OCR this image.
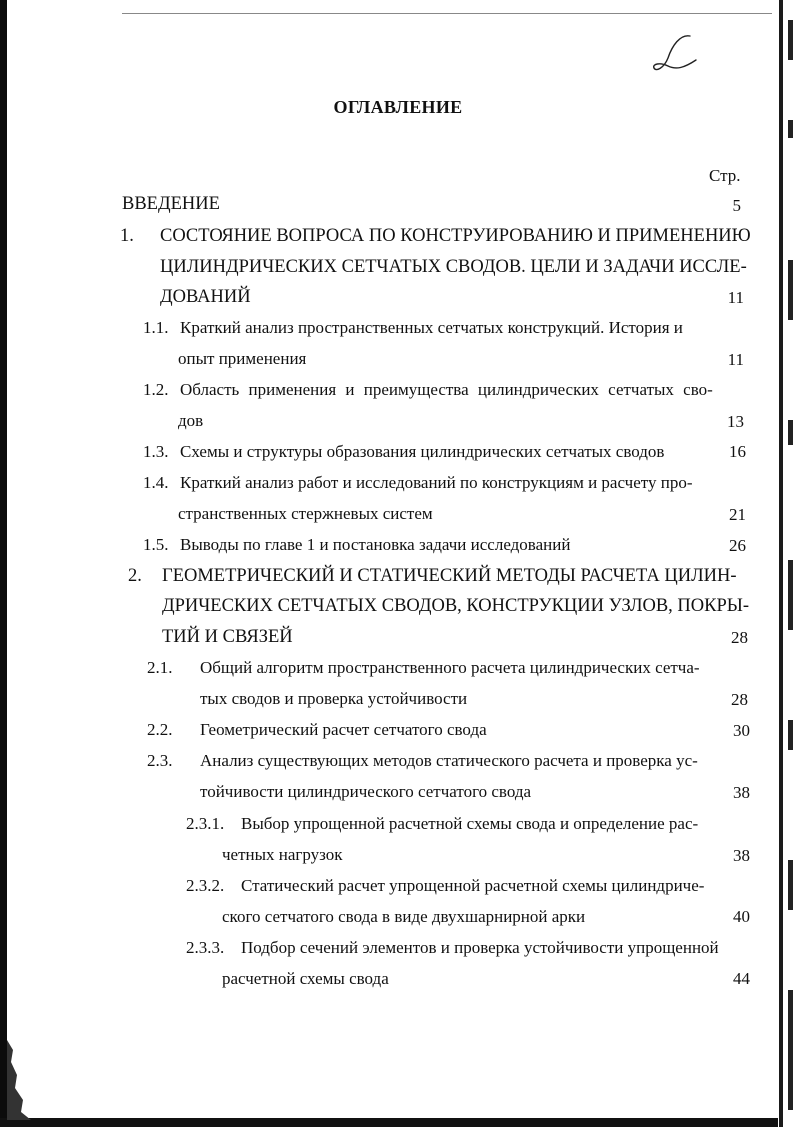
ОГЛАВЛЕНИЕ
Стр.
ВВЕДЕНИЕ	5
1. СОСТОЯНИЕ ВОПРОСА ПО КОНСТРУИРОВАНИЮ И ПРИМЕНЕНИЮ
ЦИЛИНДРИЧЕСКИХ СЕТЧАТЫХ СВОДОВ. ЦЕЛИ И ЗАДАЧИ ИССЛЕ-
ДОВАНИЙ	11
1.1. Краткий анализ пространственных сетчатых конструкций. История и
опыт применения	11
1.2. Область применения и преимущества цилиндрических сетчатых сво-
дов	13
1.3. Схемы и структуры образования цилиндрических сетчатых сводов	16
1.4. Краткий анализ работ и исследований по конструкциям и расчету про-
странственных стержневых систем	21
1.5. Выводы по главе 1 и постановка задачи исследований	26
2. ГЕОМЕТРИЧЕСКИЙ И СТАТИЧЕСКИЙ МЕТОДЫ РАСЧЕТА ЦИЛИН-
ДРИЧЕСКИХ СЕТЧАТЫХ СВОДОВ, КОНСТРУКЦИИ УЗЛОВ, ПОКРЫ-
ТИЙ И СВЯЗЕЙ	28
2.1. Общий алгоритм пространственного расчета цилиндрических сетча-
тых сводов и проверка устойчивости	28
2.2. Геометрический расчет сетчатого свода	30
2.3. Анализ существующих методов статического расчета и проверка ус-
тойчивости цилиндрического сетчатого свода	38
2.3.1. Выбор упрощенной расчетной схемы свода и определение рас-
четных нагрузок	38
2.3.2. Статический расчет упрощенной расчетной схемы цилиндриче-
ского сетчатого свода в виде двухшарнирной арки	40
2.3.3. Подбор сечений элементов и проверка устойчивости упрощенной
расчетной схемы свода	44
